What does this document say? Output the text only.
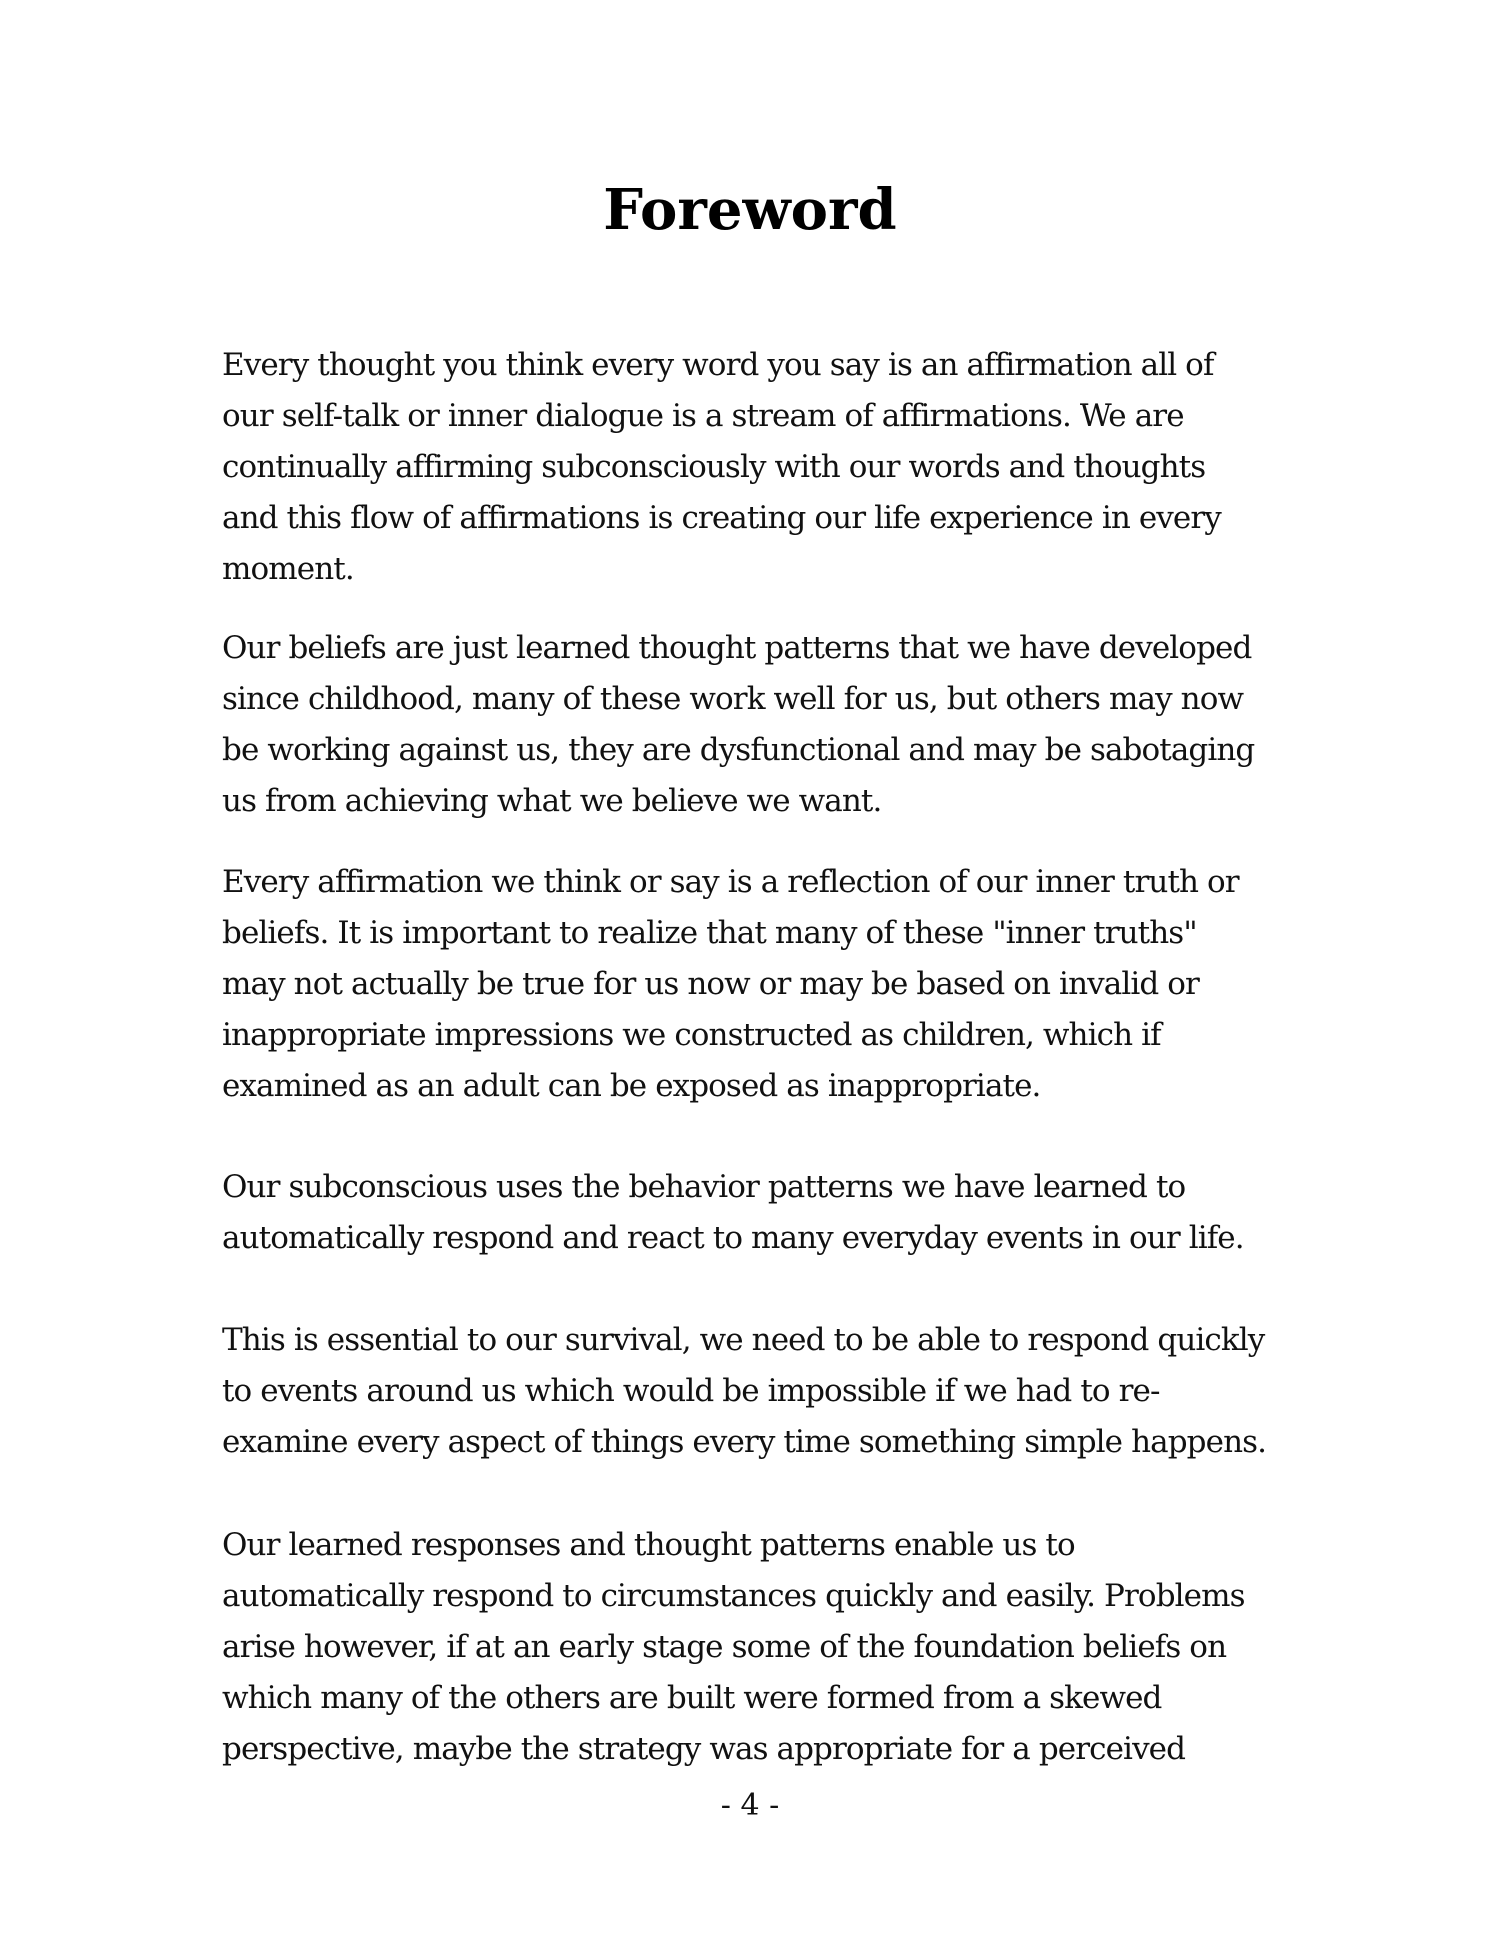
Foreword

Every thought you think every word you say is an affirmation all of
our self-talk or inner dialogue is a stream of affirmations. We are
continually affirming subconsciously with our words and thoughts
and this flow of affirmations is creating our life experience in every
moment.

Our beliefs are just learned thought patterns that we have developed
since childhood, many of these work well for us, but others may now
be working against us, they are dysfunctional and may be sabotaging
us from achieving what we believe we want.

Every affirmation we think or say is a reflection of our inner truth or
beliefs. It is important to realize that many of these "inner truths"
may not actually be true for us now or may be based on invalid or
inappropriate impressions we constructed as children, which if
examined as an adult can be exposed as inappropriate.

Our subconscious uses the behavior patterns we have learned to
automatically respond and react to many everyday events in our life.

This is essential to our survival, we need to be able to respond quickly
to events around us which would be impossible if we had to re-
examine every aspect of things every time something simple happens.

Our learned responses and thought patterns enable us to
automatically respond to circumstances quickly and easily. Problems
arise however, if at an early stage some of the foundation beliefs on
which many of the others are built were formed from a skewed
perspective, maybe the strategy was appropriate for a perceived

- 4 -
